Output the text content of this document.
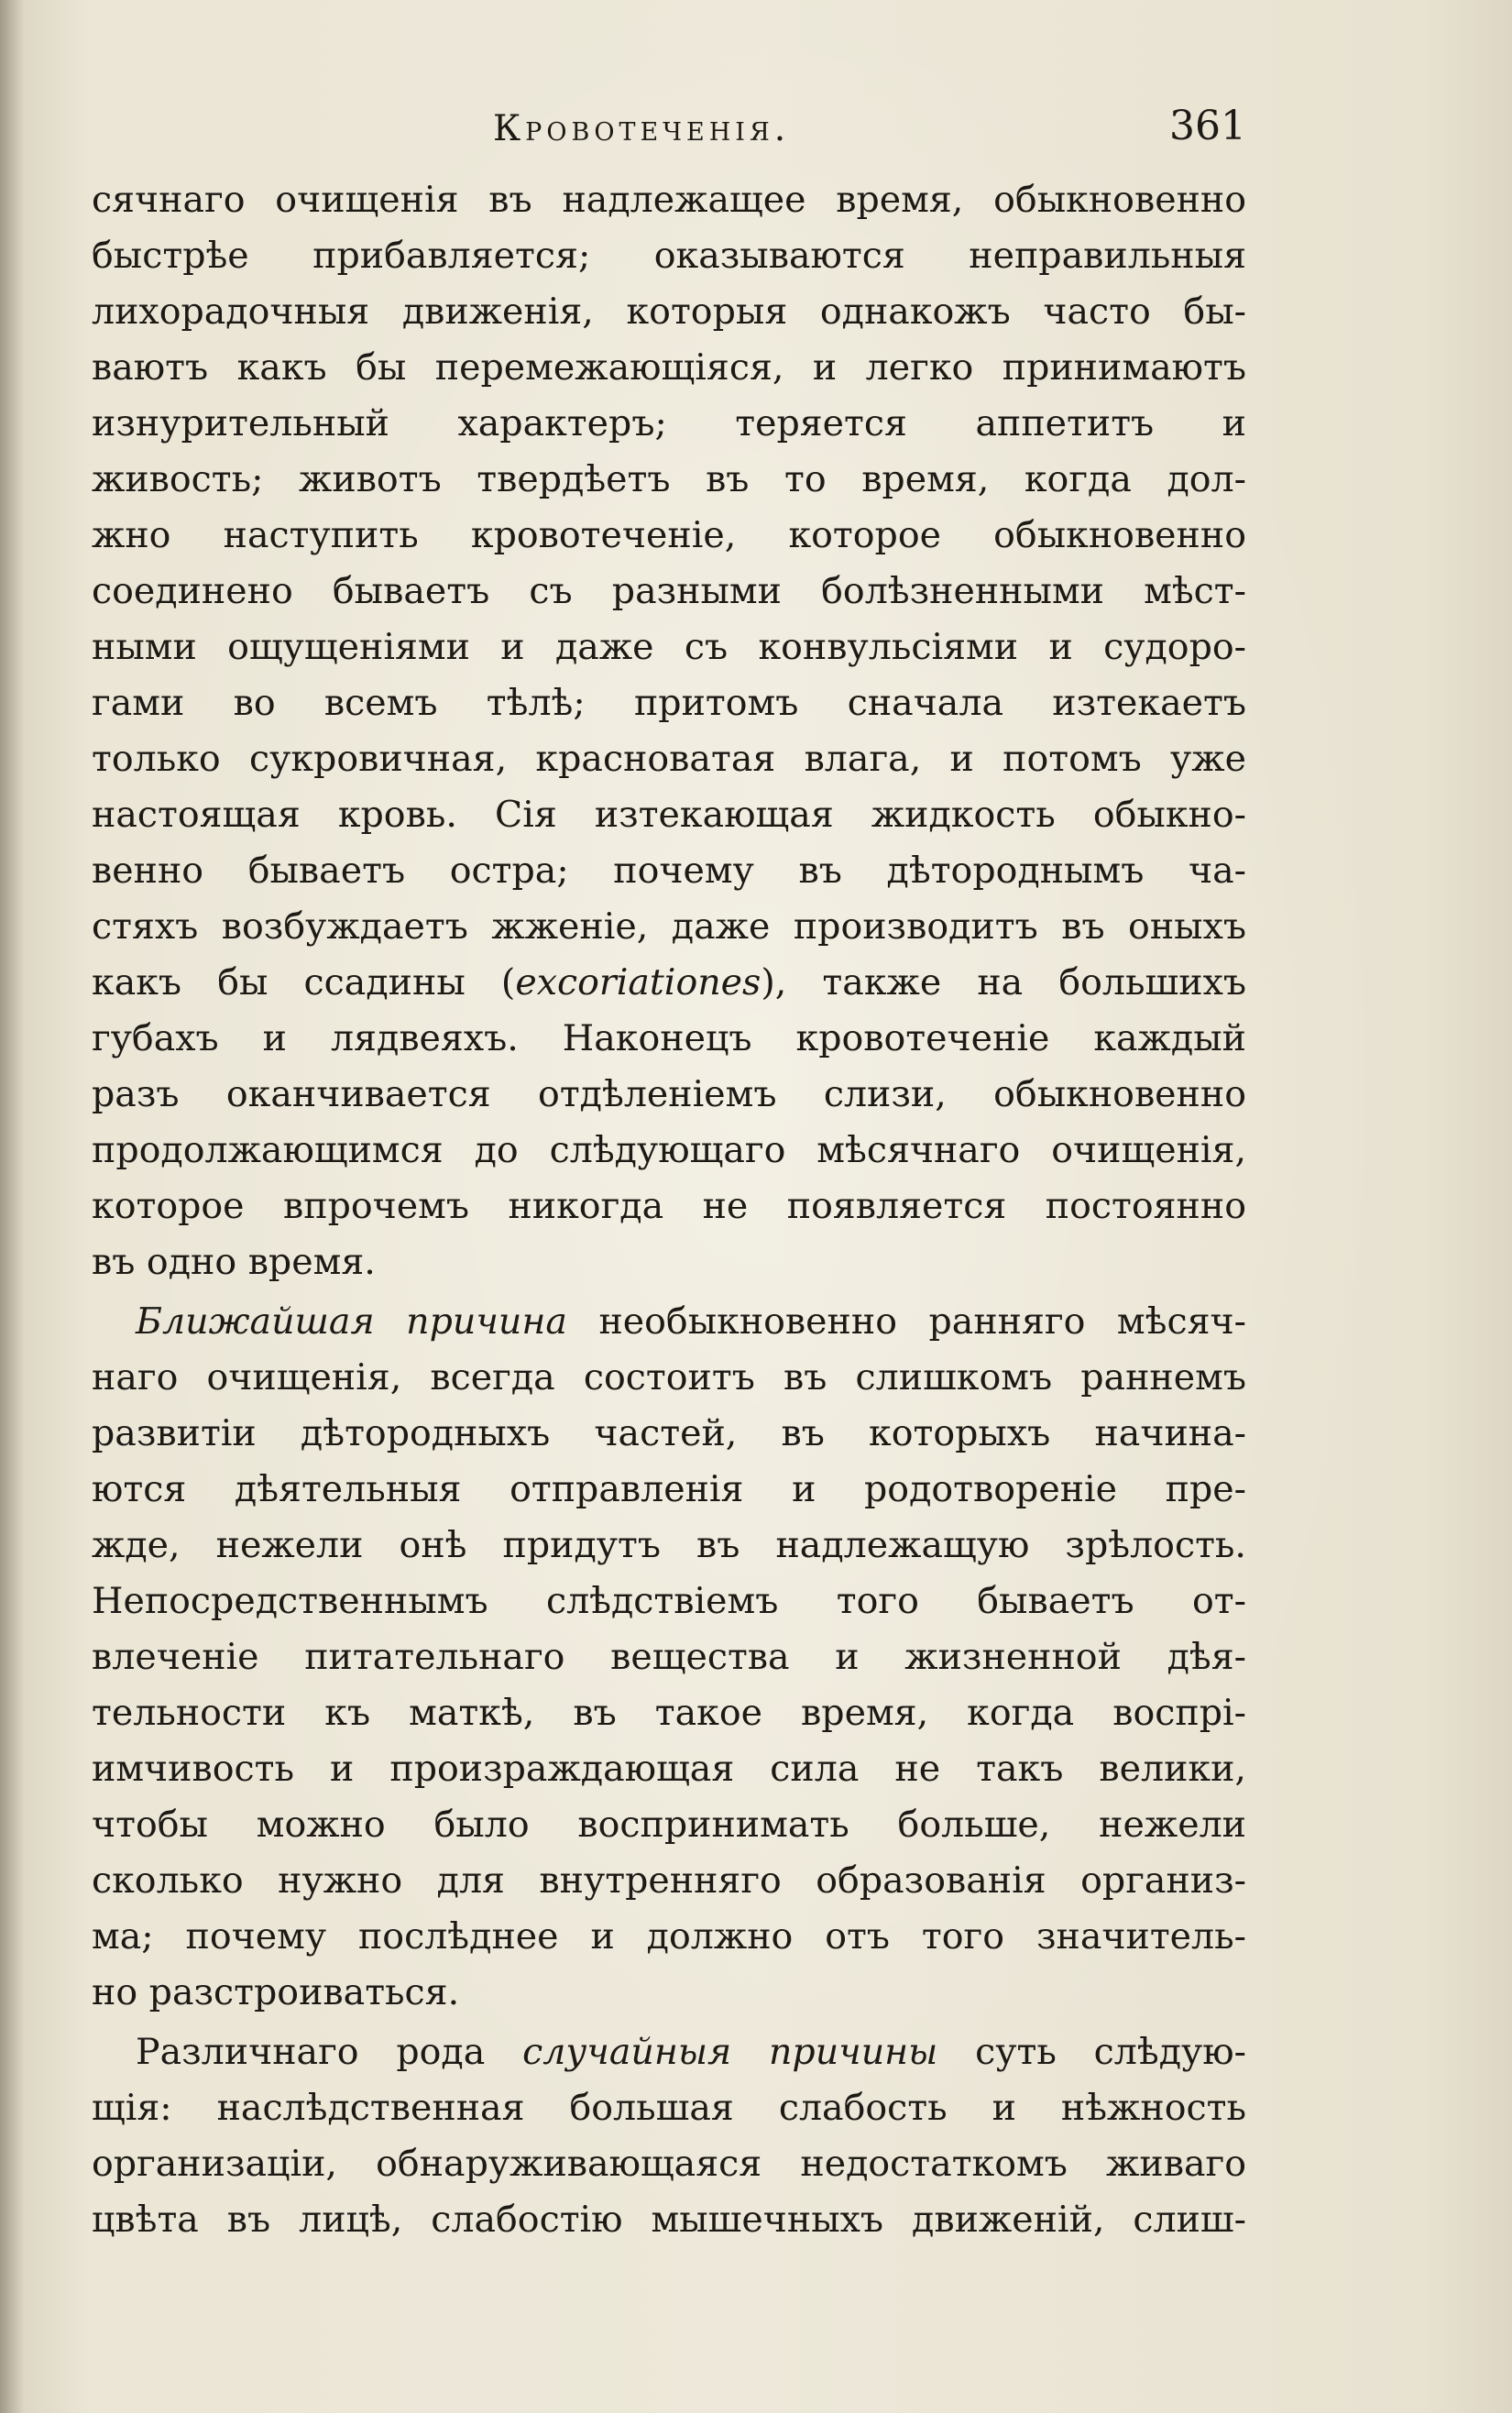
Кровотеченія.	361
сячнаго очищенія въ надлежащее время, обыкновенно
быстрѣе прибавляется; оказываются неправильныя
лихорадочныя движенія, которыя однакожъ часто бы-
ваютъ какъ бы перемежающіяся, и легко принимаютъ
изнурительный характеръ; теряется аппетитъ и
живость; животъ твердѣетъ въ то время, когда дол-
жно наступить кровотеченіе, которое обыкновенно
соединено бываетъ съ разными болѣзненными мѣст-
ными ощущеніями и даже съ конвульсіями и судоро-
гами во всемъ тѣлѣ; притомъ сначала изтекаетъ
только сукровичная, красноватая влага, и потомъ уже
настоящая кровь. Сія изтекающая жидкость обыкно-
венно бываетъ остра; почему въ дѣтороднымъ ча-
стяхъ возбуждаетъ жженіе, даже производитъ въ оныхъ
какъ бы ссадины (excoriationes), также на большихъ
губахъ и лядвеяхъ. Наконецъ кровотеченіе каждый
разъ оканчивается отдѣленіемъ слизи, обыкновенно
продолжающимся до слѣдующаго мѣсячнаго очищенія,
которое впрочемъ никогда не появляется постоянно
въ одно время.
Ближайшая причина необыкновенно ранняго мѣсяч-
наго очищенія, всегда состоитъ въ слишкомъ раннемъ
развитіи дѣтородныхъ частей, въ которыхъ начина-
ются дѣятельныя отправленія и родотвореніе пре-
жде, нежели онѣ придутъ въ надлежащую зрѣлость.
Непосредственнымъ слѣдствіемъ того бываетъ от-
влеченіе питательнаго вещества и жизненной дѣя-
тельности къ маткѣ, въ такое время, когда воспрі-
имчивость и произраждающая сила не такъ велики,
чтобы можно было воспринимать больше, нежели
сколько нужно для внутренняго образованія организ-
ма; почему послѣднее и должно отъ того значитель-
но разстроиваться.
Различнаго рода случайныя причины суть слѣдую-
щія: наслѣдственная большая слабость и нѣжность
организаціи, обнаруживающаяся недостаткомъ живаго
цвѣта въ лицѣ, слабостію мышечныхъ движеній, слиш-
